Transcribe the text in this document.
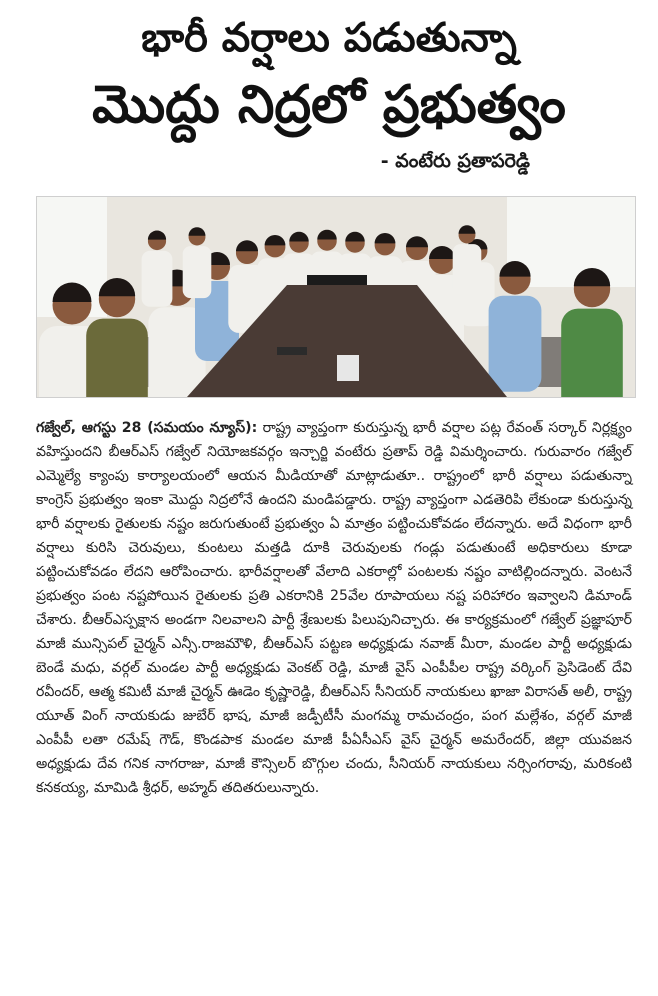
భారీ వర్షాలు పడుతున్నా
మొద్దు నిద్రలో ప్రభుత్వం
- వంటేరు ప్రతాపరెడ్డి
గజ్వేల్, ఆగస్టు 28 (సమయం న్యూస్): రాష్ట్ర వ్యాప్తంగా కురుస్తున్న భారీ వర్షాల పట్ల రేవంత్ సర్కార్ నిర్లక్ష్యం వహిస్తుందని బీఆర్ఎస్ గజ్వేల్ నియోజకవర్గం ఇన్చార్జి వంటేరు ప్రతాప్ రెడ్డి విమర్శించారు. గురువారం గజ్వేల్ ఎమ్మెల్యే క్యాంపు కార్యాలయంలో ఆయన మీడియాతో మాట్లాడుతూ.. రాష్ట్రంలో భారీ వర్షాలు పడుతున్నా కాంగ్రెస్ ప్రభుత్వం ఇంకా మొద్దు నిద్రలోనే ఉందని మండిపడ్డారు. రాష్ట్ర వ్యాప్తంగా ఎడతెరిపి లేకుండా కురుస్తున్న భారీ వర్షాలకు రైతులకు నష్టం జరుగుతుంటే ప్రభుత్వం ఏ మాత్రం పట్టించుకోవడం లేదన్నారు. అదే విధంగా భారీ వర్షాలు కురిసి చెరువులు, కుంటలు మత్తడి దూకి చెరువులకు గండ్లు పడుతుంటే అధికారులు కూడా పట్టించుకోవడం లేదని ఆరోపించారు. భారీవర్షాలతో వేలాది ఎకరాల్లో పంటలకు నష్టం వాటిల్లిందన్నారు. వెంటనే ప్రభుత్వం పంట నష్టపోయిన రైతులకు ప్రతి ఎకరానికి 25వేల రూపాయలు నష్ట పరిహారం ఇవ్వాలని డిమాండ్ చేశారు. బీఆర్ఎస్పక్షాన అండగా నిలవాలని పార్టీ శ్రేణులకు పిలుపునిచ్చారు. ఈ కార్యక్రమంలో గజ్వేల్ ప్రజ్ఞాపూర్ మాజీ మున్సిపల్ చైర్మన్ ఎన్సీ.రాజమౌళి, బీఆర్ఎస్ పట్టణ అధ్యక్షుడు నవాజ్ మీరా, మండల పార్టీ అధ్యక్షుడు బెండే మధు, వర్గల్ మండల పార్టీ అధ్యక్షుడు వెంకట్ రెడ్డి, మాజీ వైస్ ఎంపీపీల రాష్ట్ర వర్కింగ్ ప్రెసిడెంట్ దేవి రవీందర్, ఆత్మ కమిటీ మాజీ చైర్మన్ ఊడెం కృష్ణారెడ్డి, బీఆర్ఎస్ సీనియర్ నాయకులు ఖాజా విరాసత్ అలీ, రాష్ట్ర యూత్ వింగ్ నాయకుడు జుబేర్ భాష, మాజీ జడ్పీటీసీ మంగమ్మ రామచంద్రం, పంగ మల్లేశం, వర్గల్ మాజీ ఎంపీపీ లతా రమేష్ గౌడ్, కొండపాక మండల మాజీ పీఏసీఎస్ వైస్ చైర్మన్ అమరేందర్, జిల్లా యువజన అధ్యక్షుడు దేవ గనిక నాగరాజు, మాజీ కౌన్సిలర్ బొగ్గుల చందు, సీనియర్ నాయకులు నర్సింగరావు, మరికంటి కనకయ్య, మామిడి శ్రీధర్, అహ్మద్ తదితరులున్నారు.
